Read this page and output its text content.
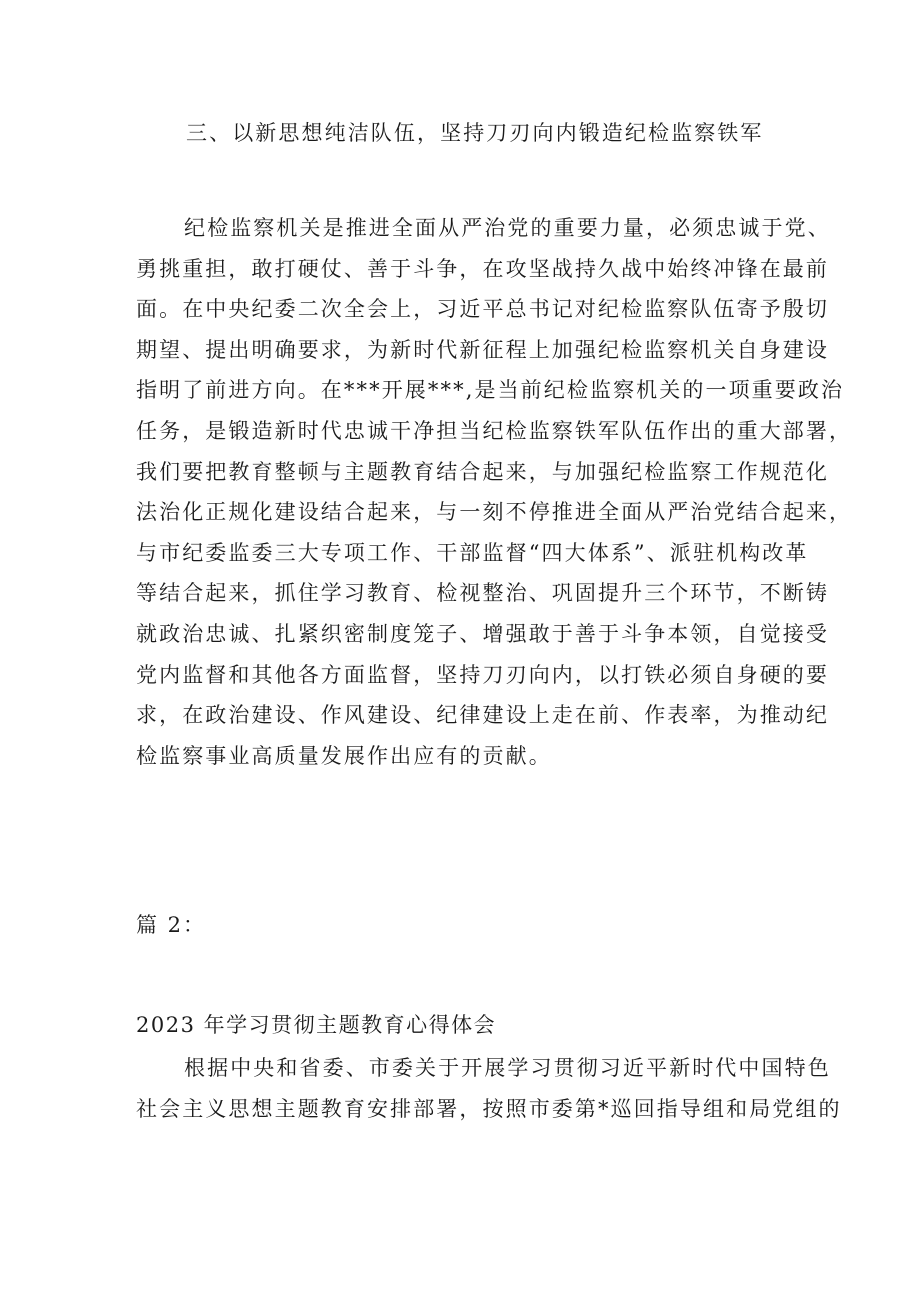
三、以新思想纯洁队伍，坚持刀刃向内锻造纪检监察铁军
纪检监察机关是推进全面从严治党的重要力量，必须忠诚于党、
勇挑重担，敢打硬仗、善于斗争，在攻坚战持久战中始终冲锋在最前
面。在中央纪委二次全会上，习近平总书记对纪检监察队伍寄予殷切
期望、提出明确要求，为新时代新征程上加强纪检监察机关自身建设
指明了前进方向。在***开展***,是当前纪检监察机关的一项重要政治
任务，是锻造新时代忠诚干净担当纪检监察铁军队伍作出的重大部署，
我们要把教育整顿与主题教育结合起来，与加强纪检监察工作规范化
法治化正规化建设结合起来，与一刻不停推进全面从严治党结合起来，
与市纪委监委三大专项工作、干部监督“四大体系”、派驻机构改革
等结合起来，抓住学习教育、检视整治、巩固提升三个环节，不断铸
就政治忠诚、扎紧织密制度笼子、增强敢于善于斗争本领，自觉接受
党内监督和其他各方面监督，坚持刀刃向内，以打铁必须自身硬的要
求，在政治建设、作风建设、纪律建设上走在前、作表率，为推动纪
检监察事业高质量发展作出应有的贡献。
篇 2：
2023 年学习贯彻主题教育心得体会
根据中央和省委、市委关于开展学习贯彻习近平新时代中国特色
社会主义思想主题教育安排部署，按照市委第*巡回指导组和局党组的
